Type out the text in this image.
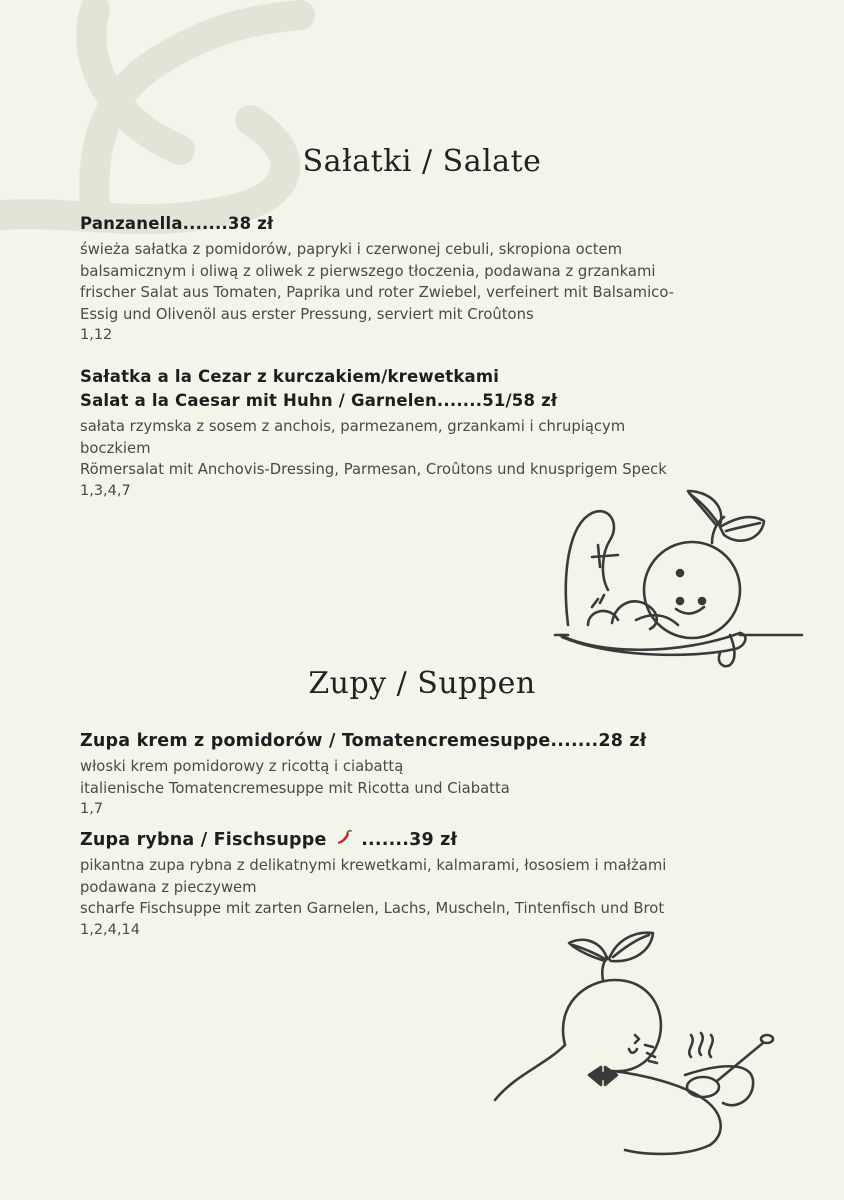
Sałatki / Salate
Panzanella.......38 zł
świeża sałatka z pomidorów, papryki i czerwonej cebuli, skropiona octem
balsamicznym i oliwą z oliwek z pierwszego tłoczenia, podawana z grzankami
frischer Salat aus Tomaten, Paprika und roter Zwiebel, verfeinert mit Balsamico-
Essig und Olivenöl aus erster Pressung, serviert mit Croûtons
1,12
Sałatka a la Cezar z kurczakiem/krewetkami
Salat a la Caesar mit Huhn / Garnelen.......51/58 zł
sałata rzymska z sosem z anchois, parmezanem, grzankami i chrupiącym
boczkiem
Römersalat mit Anchovis-Dressing, Parmesan, Croûtons und knusprigem Speck
1,3,4,7
Zupy / Suppen
Zupa krem z pomidorów / Tomatencremesuppe.......28 zł
włoski krem pomidorowy z ricottą i ciabattą
italienische Tomatencremesuppe mit Ricotta und Ciabatta
1,7
Zupa rybna / Fischsuppe .......39 zł
pikantna zupa rybna z delikatnymi krewetkami, kalmarami, łososiem i małżami
podawana z pieczywem
scharfe Fischsuppe mit zarten Garnelen, Lachs, Muscheln, Tintenfisch und Brot
1,2,4,14
